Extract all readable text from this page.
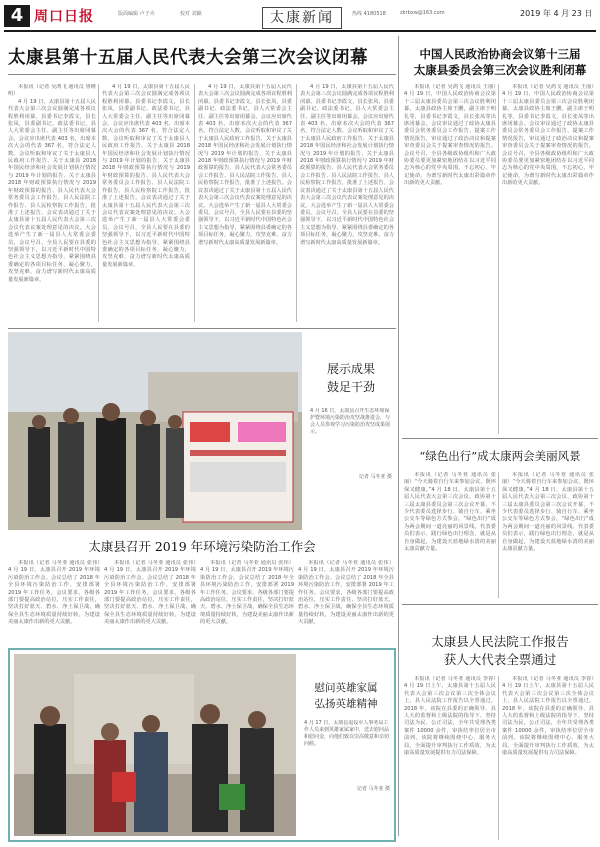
4 周口日报	版面编辑 卢子卉	校对 刘颖	太康新闻	热线 4180518	zkrbxw@163.com	2019 年 4 月 23 日
太康县第十五届人民代表大会第三次会议闭幕

本报讯（记者 吴鸿飞 通讯员 鲁继明）

4 月 19 日，太康县第十五届人民代表大会第三次会议圆满完成各项议程胜利闭幕。县委书记李霞文，县长张凤，县委副书记、政法委书记，县人大常委会主任、副主任等出席闭幕会。会议应出席代表 403 名，出席本次大会的代表 367 名，符合法定人数。会议听取和审议了关于太康县人民政府工作报告、关于太康县 2018 年国民经济和社会发展计划执行情况与 2019 年计划的报告、关于太康县 2018 年财政预算执行情况与 2019 年财政预算的报告、县人民代表大会常务委员会工作报告、县人民法院工作报告、县人民检察院工作报告，批准了上述报告。会议表决通过了关于太康县第十五届人民代表大会第三次会议代表议案处理意见的决议。大会选举产生了新一届县人大常委会委员。会议号召，全县人民要在县委的坚强领导下，以习近平新时代中国特色社会主义思想为指导，紧紧围绕县委确定的各项目标任务，凝心聚力，攻坚克难，奋力谱写新时代太康高质量发展新篇章。

4 月 19 日，太康县第十五届人民代表大会第三次会议圆满完成各项议程胜利闭幕。县委书记李霞文，县长张凤，县委副书记、政法委书记，县人大常委会主任、副主任等出席闭幕会。会议应出席代表 403 名，出席本次大会的代表 367 名，符合法定人数。会议听取和审议了关于太康县人民政府工作报告、关于太康县 2018 年国民经济和社会发展计划执行情况与 2019 年计划的报告、关于太康县 2018 年财政预算执行情况与 2019 年财政预算的报告、县人民代表大会常务委员会工作报告、县人民法院工作报告、县人民检察院工作报告，批准了上述报告。会议表决通过了关于太康县第十五届人民代表大会第三次会议代表议案处理意见的决议。大会选举产生了新一届县人大常委会委员。会议号召，全县人民要在县委的坚强领导下，以习近平新时代中国特色社会主义思想为指导，紧紧围绕县委确定的各项目标任务，凝心聚力，攻坚克难，奋力谱写新时代太康高质量发展新篇章。

4 月 19 日，太康县第十五届人民代表大会第三次会议圆满完成各项议程胜利闭幕。县委书记李霞文，县长张凤，县委副书记、政法委书记，县人大常委会主任、副主任等出席闭幕会。会议应出席代表 403 名，出席本次大会的代表 367 名，符合法定人数。会议听取和审议了关于太康县人民政府工作报告、关于太康县 2018 年国民经济和社会发展计划执行情况与 2019 年计划的报告、关于太康县 2018 年财政预算执行情况与 2019 年财政预算的报告、县人民代表大会常务委员会工作报告、县人民法院工作报告、县人民检察院工作报告，批准了上述报告。会议表决通过了关于太康县第十五届人民代表大会第三次会议代表议案处理意见的决议。大会选举产生了新一届县人大常委会委员。会议号召，全县人民要在县委的坚强领导下，以习近平新时代中国特色社会主义思想为指导，紧紧围绕县委确定的各项目标任务，凝心聚力，攻坚克难，奋力谱写新时代太康高质量发展新篇章。

4 月 19 日，太康县第十五届人民代表大会第三次会议圆满完成各项议程胜利闭幕。县委书记李霞文，县长张凤，县委副书记、政法委书记，县人大常委会主任、副主任等出席闭幕会。会议应出席代表 403 名，出席本次大会的代表 367 名，符合法定人数。会议听取和审议了关于太康县人民政府工作报告、关于太康县 2018 年国民经济和社会发展计划执行情况与 2019 年计划的报告、关于太康县 2018 年财政预算执行情况与 2019 年财政预算的报告、县人民代表大会常务委员会工作报告、县人民法院工作报告、县人民检察院工作报告，批准了上述报告。会议表决通过了关于太康县第十五届人民代表大会第三次会议代表议案处理意见的决议。大会选举产生了新一届县人大常委会委员。会议号召，全县人民要在县委的坚强领导下，以习近平新时代中国特色社会主义思想为指导，紧紧围绕县委确定的各项目标任务，凝心聚力，攻坚克难，奋力谱写新时代太康高质量发展新篇章。

中国人民政治协商会议第十三届
太康县委员会第三次会议胜利闭幕

本报讯（记者 吴鸿飞 通讯员 王丽）4 月 19 日，中国人民政治协商会议第十三届太康县委员会第三次会议胜利闭幕。太康县政协主席王鹏，副主席于明礼等，县委书记李霞文，县长张凤等出席闭幕会。会议审议通过了政协太康县委员会常务委员会工作报告、提案工作情况报告，审议通过了政治决议和提案审查委员会关于提案审查情况的报告。会议号召，全县各级政协组织和广大政协委员要更加紧密地团结在以习近平同志为核心的党中央周围，不忘初心、牢记使命，为谱写新时代太康出彩篇章作出新的更大贡献。

本报讯（记者 吴鸿飞 通讯员 王丽）4 月 19 日，中国人民政治协商会议第十三届太康县委员会第三次会议胜利闭幕。太康县政协主席王鹏，副主席于明礼等，县委书记李霞文，县长张凤等出席闭幕会。会议审议通过了政协太康县委员会常务委员会工作报告、提案工作情况报告，审议通过了政治决议和提案审查委员会关于提案审查情况的报告。会议号召，全县各级政协组织和广大政协委员要更加紧密地团结在以习近平同志为核心的党中央周围，不忘初心、牢记使命，为谱写新时代太康出彩篇章作出新的更大贡献。

展示成果
鼓足干劲
4 月 16 日，太康县召开生态环境保护暨环境污染防治攻坚战推进会，与会人员参观学习污染防治攻坚成果展示。
记者 马冬亚 摄
太康县召开 2019 年环境污染防治工作会

本报讯（记者 马冬亚 通讯员 张伟）4 月 19 日，太康县召开 2019 年环境污染防治工作会。会议总结了 2018 年全县环境污染防治工作，安排部署 2019 年工作任务。会议要求，各级各部门要提高政治站位，压实工作责任，坚决打好蓝天、碧水、净土保卫战，确保全县生态环境质量持续好转，为建设美丽太康作出新的更大贡献。

本报讯（记者 马冬亚 通讯员 张伟）4 月 19 日，太康县召开 2019 年环境污染防治工作会。会议总结了 2018 年全县环境污染防治工作，安排部署 2019 年工作任务。会议要求，各级各部门要提高政治站位，压实工作责任，坚决打好蓝天、碧水、净土保卫战，确保全县生态环境质量持续好转，为建设美丽太康作出新的更大贡献。

本报讯（记者 马冬亚 通讯员 张伟）4 月 19 日，太康县召开 2019 年环境污染防治工作会。会议总结了 2018 年全县环境污染防治工作，安排部署 2019 年工作任务。会议要求，各级各部门要提高政治站位，压实工作责任，坚决打好蓝天、碧水、净土保卫战，确保全县生态环境质量持续好转，为建设美丽太康作出新的更大贡献。

本报讯（记者 马冬亚 通讯员 张伟）4 月 19 日，太康县召开 2019 年环境污染防治工作会。会议总结了 2018 年全县环境污染防治工作，安排部署 2019 年工作任务。会议要求，各级各部门要提高政治站位，压实工作责任，坚决打好蓝天、碧水、净土保卫战，确保全县生态环境质量持续好转，为建设美丽太康作出新的更大贡献。

慰问英雄家属
弘扬英雄精神
4 月 17 日，太康县退役军人事务局工作人员来到英雄家属家中，送去慰问品和慰问金，向他们致以崇高敬意和亲切问候。
记者 马冬亚 摄
“绿色出行”成太康两会美丽风景

本报讯（记者 马冬亚 通讯员 张丽）“今天骑着自行车来参加会议，既环保又健康。”4 月 18 日，太康县第十五届人民代表大会第三次会议、政协第十三届太康县委员会第三次会议开幕，不少代表委员选择步行、骑自行车、乘坐公交车等绿色方式参会，“绿色出行”成为两会期间一道亮丽的风景线。代表委员们表示，践行绿色出行理念，就是从自身做起，为建设天蓝地绿水清的美丽太康贡献力量。

本报讯（记者 马冬亚 通讯员 张丽）“今天骑着自行车来参加会议，既环保又健康。”4 月 18 日，太康县第十五届人民代表大会第三次会议、政协第十三届太康县委员会第三次会议开幕，不少代表委员选择步行、骑自行车、乘坐公交车等绿色方式参会，“绿色出行”成为两会期间一道亮丽的风景线。代表委员们表示，践行绿色出行理念，就是从自身做起，为建设天蓝地绿水清的美丽太康贡献力量。

太康县人民法院工作报告
获人大代表全票通过

本报讯（记者 马冬亚 通讯员 李春）4 月 19 日上午，太康县第十五届人民代表大会第三次会议第三次全体会议上，县人民法院工作报告以全票通过。2018 年，该院在县委的正确领导、县人大的监督和上级法院的指导下，坚持司法为民、公正司法，全年共受理各类案件 10000 余件，审执结率位居全市前列。该院将继续围绕中心、服务大局，全面提升审判执行工作质效，为太康高质量发展提供有力司法保障。

本报讯（记者 马冬亚 通讯员 李春）4 月 19 日上午，太康县第十五届人民代表大会第三次会议第三次全体会议上，县人民法院工作报告以全票通过。2018 年，该院在县委的正确领导、县人大的监督和上级法院的指导下，坚持司法为民、公正司法，全年共受理各类案件 10000 余件，审执结率位居全市前列。该院将继续围绕中心、服务大局，全面提升审判执行工作质效，为太康高质量发展提供有力司法保障。
